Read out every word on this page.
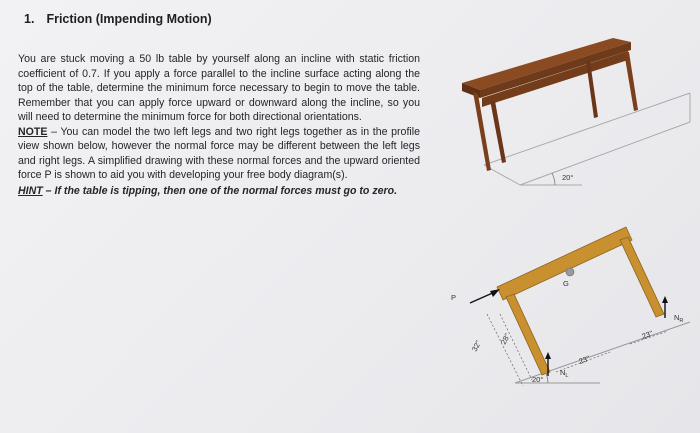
1. Friction (Impending Motion)

You are stuck moving a 50 lb table by yourself along an incline with static friction coefficient of 0.7. If you apply a force parallel to the incline surface acting along the top of the table, determine the minimum force necessary to begin to move the table. Remember that you can apply force upward or downward along the incline, so you will need to determine the minimum force for both directional orientations.

NOTE – You can model the two left legs and two right legs together as in the profile view shown below, however the normal force may be different between the left legs and right legs. A simplified drawing with these normal forces and the upward oriented force P is shown to aid you with developing your free body diagram(s).

HINT – If the table is tipping, then one of the normal forces must go to zero.

20°
20°
G
P
32"
28"
23"
23"
$N_L$
$N_R$
